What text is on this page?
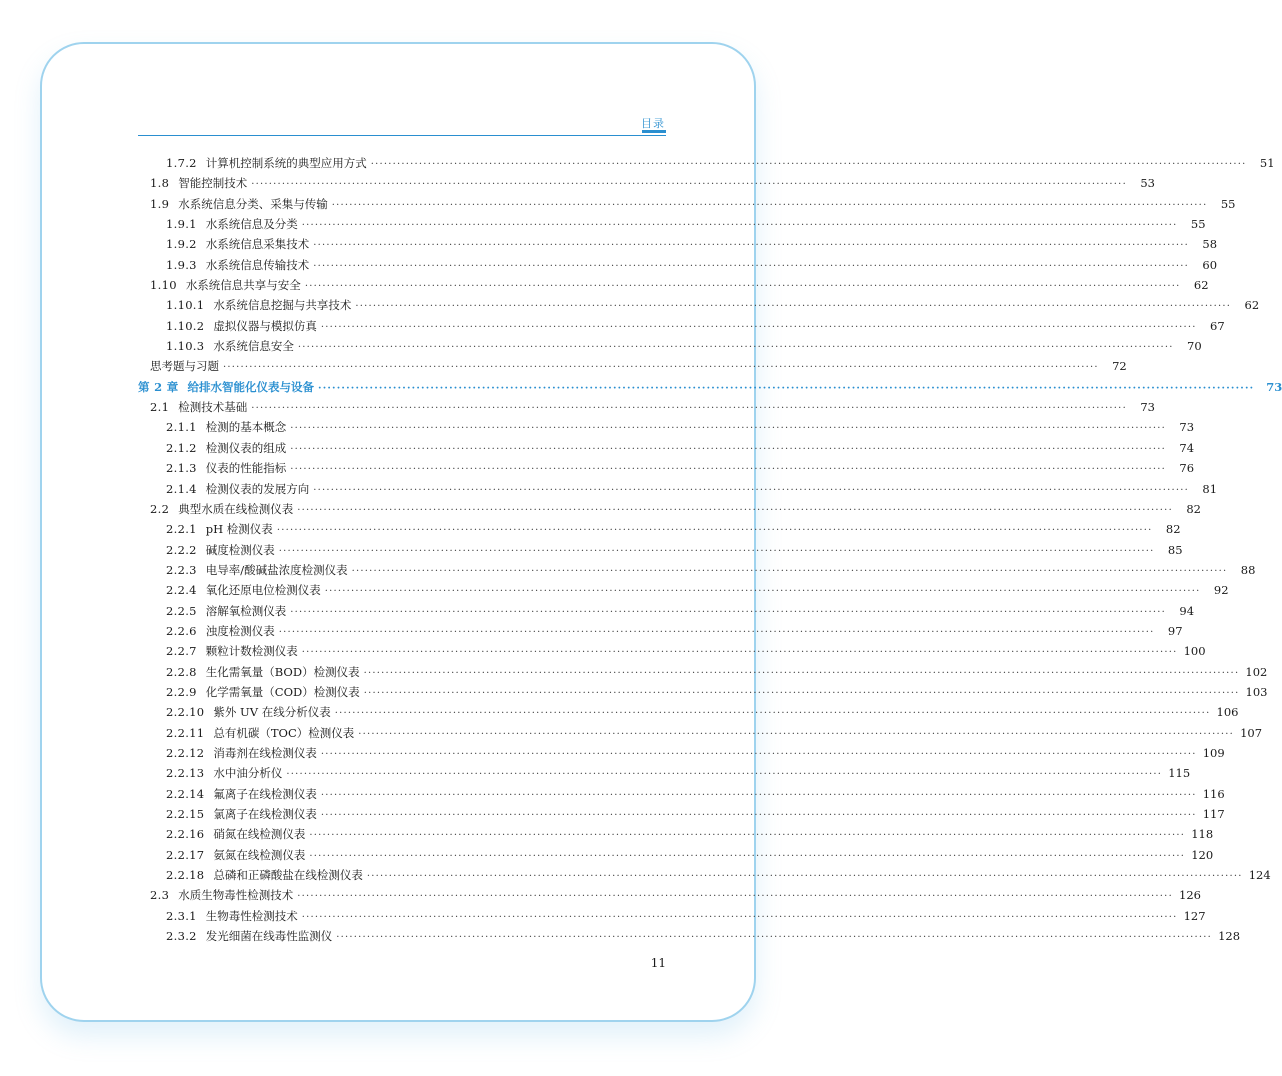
目录
1.7.2 计算机控制系统的典型应用方式 ········································································································································································································	51
1.8 智能控制技术 ········································································································································································································	53
1.9 水系统信息分类、采集与传输 ········································································································································································································	55
1.9.1 水系统信息及分类 ········································································································································································································	55
1.9.2 水系统信息采集技术 ········································································································································································································	58
1.9.3 水系统信息传输技术 ········································································································································································································	60
1.10 水系统信息共享与安全 ········································································································································································································	62
1.10.1 水系统信息挖掘与共享技术 ········································································································································································································	62
1.10.2 虚拟仪器与模拟仿真 ········································································································································································································	67
1.10.3 水系统信息安全 ········································································································································································································	70
思考题与习题 ········································································································································································································	72
第 2 章 给排水智能化仪表与设备 ········································································································································································································	73
2.1 检测技术基础 ········································································································································································································	73
2.1.1 检测的基本概念 ········································································································································································································	73
2.1.2 检测仪表的组成 ········································································································································································································	74
2.1.3 仪表的性能指标 ········································································································································································································	76
2.1.4 检测仪表的发展方向 ········································································································································································································	81
2.2 典型水质在线检测仪表 ········································································································································································································	82
2.2.1 pH 检测仪表 ········································································································································································································	82
2.2.2 碱度检测仪表 ········································································································································································································	85
2.2.3 电导率/酸碱盐浓度检测仪表 ········································································································································································································	88
2.2.4 氧化还原电位检测仪表 ········································································································································································································	92
2.2.5 溶解氧检测仪表 ········································································································································································································	94
2.2.6 浊度检测仪表 ········································································································································································································	97
2.2.7 颗粒计数检测仪表 ········································································································································································································ 100
2.2.8 生化需氧量（BOD）检测仪表 ········································································································································································································ 102
2.2.9 化学需氧量（COD）检测仪表 ········································································································································································································ 103
2.2.10 紫外 UV 在线分析仪表 ········································································································································································································ 106
2.2.11 总有机碳（TOC）检测仪表 ········································································································································································································ 107
2.2.12 消毒剂在线检测仪表 ········································································································································································································ 109
2.2.13 水中油分析仪 ········································································································································································································ 115
2.2.14 氟离子在线检测仪表 ········································································································································································································ 116
2.2.15 氯离子在线检测仪表 ········································································································································································································ 117
2.2.16 硝氮在线检测仪表 ········································································································································································································ 118
2.2.17 氨氮在线检测仪表 ········································································································································································································ 120
2.2.18 总磷和正磷酸盐在线检测仪表 ········································································································································································································ 124
2.3 水质生物毒性检测技术 ········································································································································································································ 126
2.3.1 生物毒性检测技术 ········································································································································································································ 127
2.3.2 发光细菌在线毒性监测仪 ········································································································································································································ 128
11
